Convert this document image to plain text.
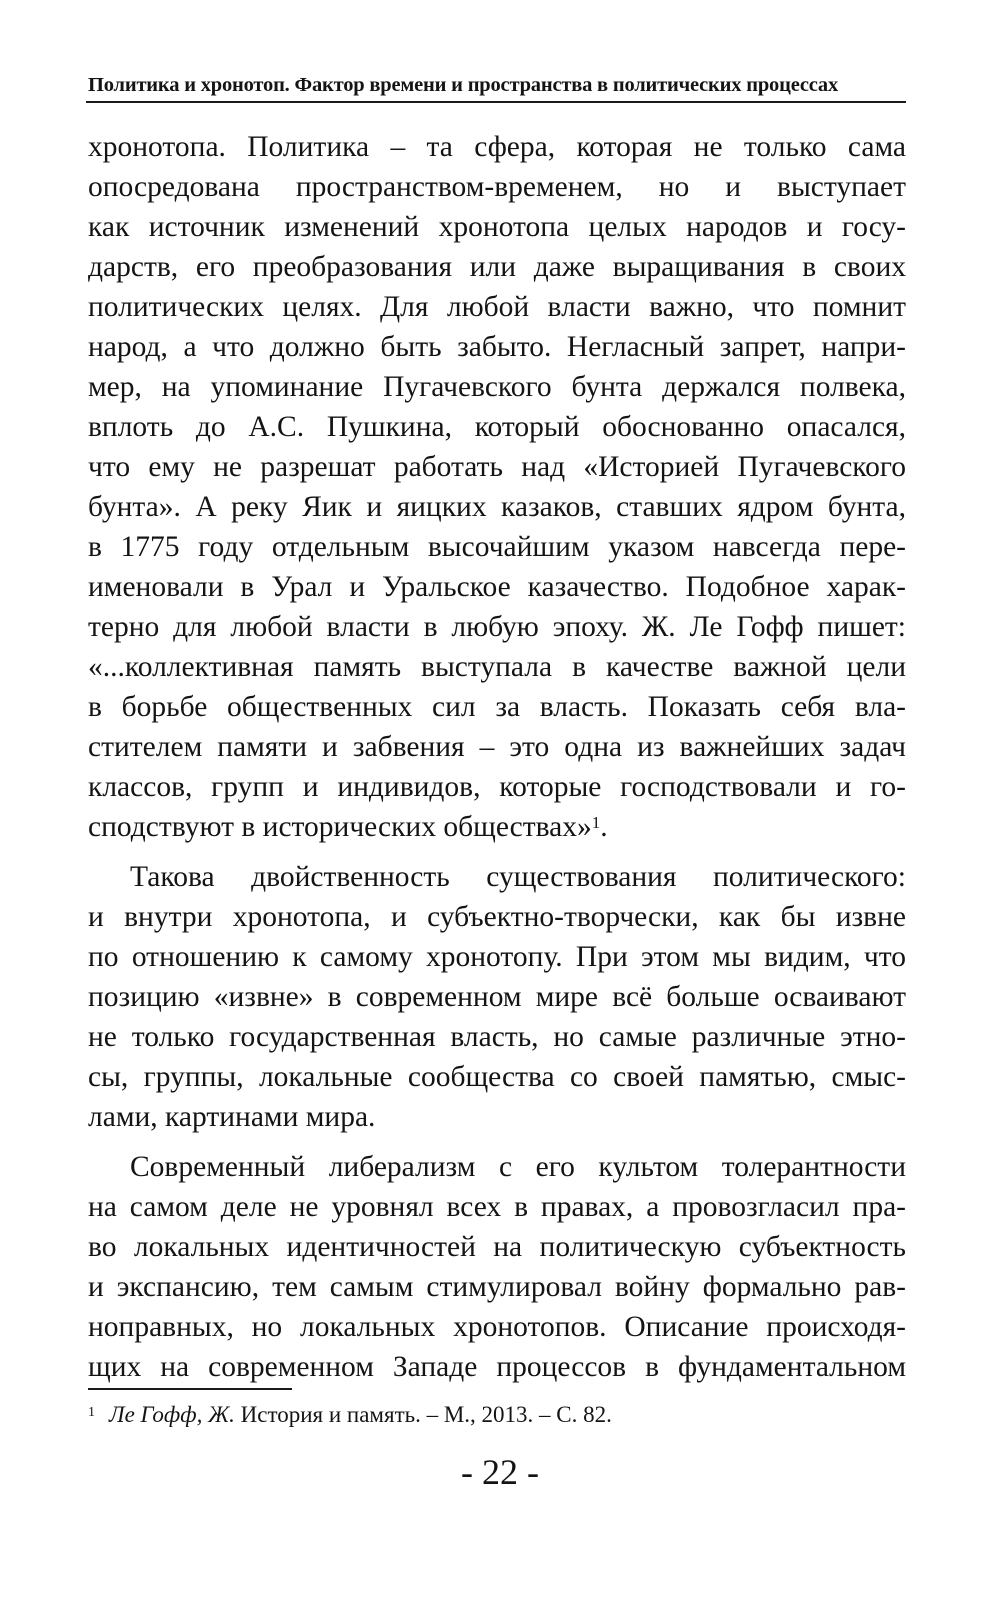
Политика и хронотоп. Фактор времени и пространства в политических процессах
хронотопа. Политика – та сфера, которая не только сама
опосредована пространством-временем, но и выступает
как источник изменений хронотопа целых народов и госу-
дарств, его преобразования или даже выращивания в своих
политических целях. Для любой власти важно, что помнит
народ, а что должно быть забыто. Негласный запрет, напри-
мер, на упоминание Пугачевского бунта держался полвека,
вплоть до А.С. Пушкина, который обоснованно опасался,
что ему не разрешат работать над «Историей Пугачевского
бунта». А реку Яик и яицких казаков, ставших ядром бунта,
в 1775 году отдельным высочайшим указом навсегда пере-
именовали в Урал и Уральское казачество. Подобное харак-
терно для любой власти в любую эпоху. Ж. Ле Гофф пишет:
«...коллективная память выступала в качестве важной цели
в борьбе общественных сил за власть. Показать себя вла-
стителем памяти и забвения – это одна из важнейших задач
классов, групп и индивидов, которые господствовали и го-
сподствуют в исторических обществах»$^1$.
Такова двойственность существования политического:
и внутри хронотопа, и субъектно-творчески, как бы извне
по отношению к самому хронотопу. При этом мы видим, что
позицию «извне» в современном мире всё больше осваивают
не только государственная власть, но самые различные этно-
сы, группы, локальные сообщества со своей памятью, смыс-
лами, картинами мира.
Современный либерализм с его культом толерантности
на самом деле не уровнял всех в правах, а провозгласил пра-
во локальных идентичностей на политическую субъектность
и экспансию, тем самым стимулировал войну формально рав-
ноправных, но локальных хронотопов. Описание происходя-
щих на современном Западе процессов в фундаментальном
$^1$ Ле Гофф, Ж. История и память. – М., 2013. – С. 82.
- 22 -
